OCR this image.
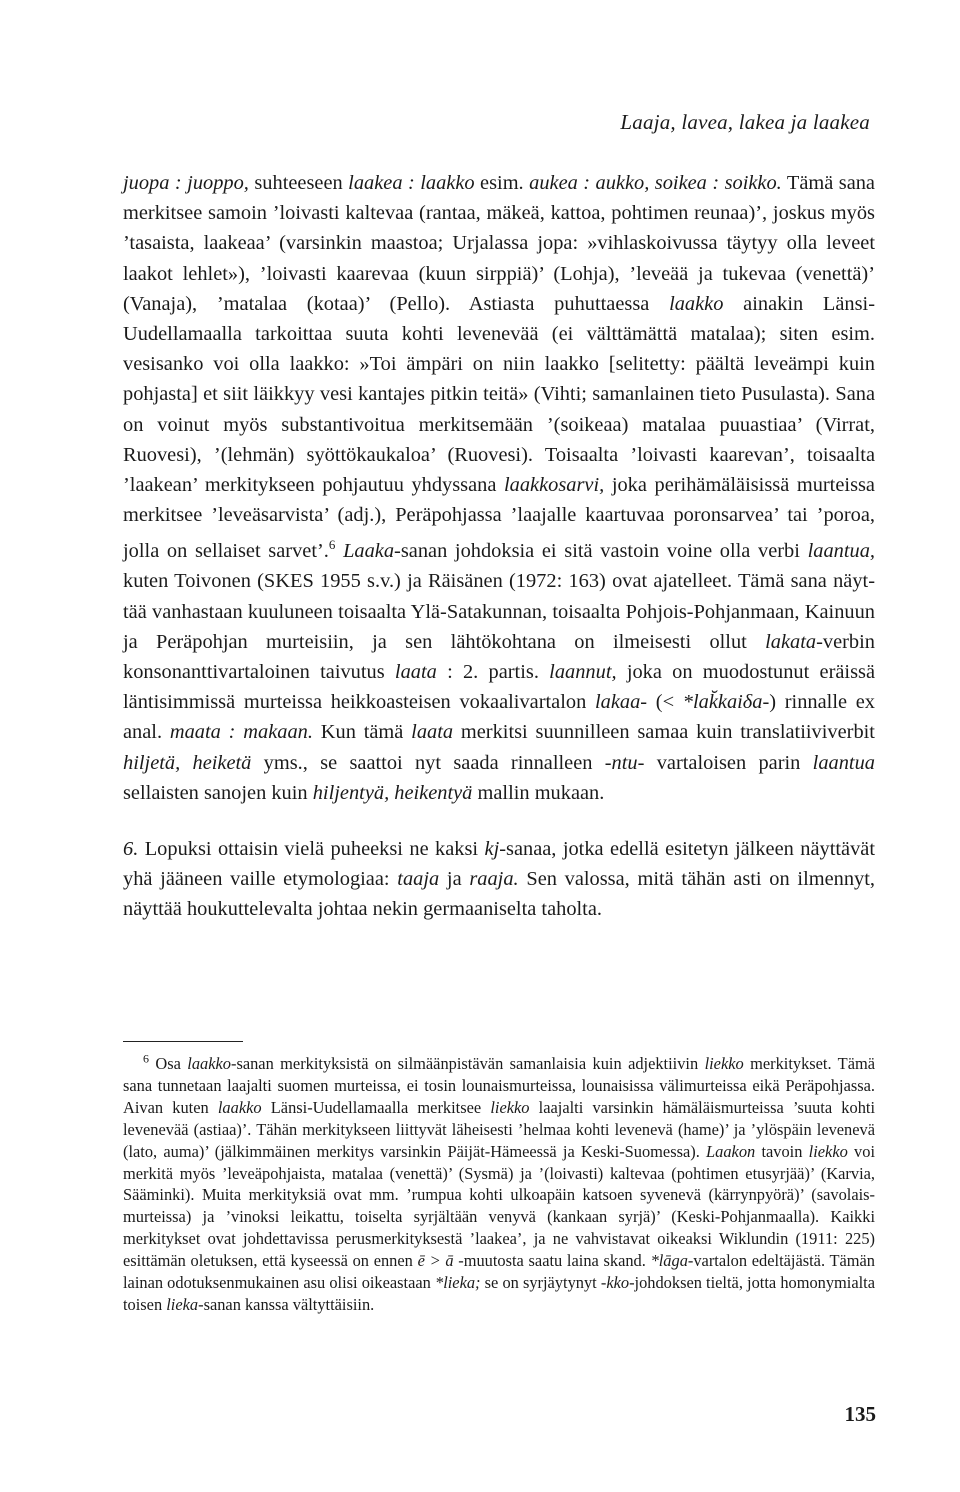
Laaja, lavea, lakea ja laakea

juopa : juoppo, suhteeseen laakea : laakko esim. aukea : aukko, soikea : soikko. Tämä sana merkitsee samoin ’loivasti kaltevaa (rantaa, mäkeä, kattoa, pohtimen reunaa)’, joskus myös ’tasaista, laakeaa’ (varsinkin maastoa; Urjalassa jopa: »vihlaskoivussa täytyy olla leveet laakot lehlet»), ’loivasti kaarevaa (kuun sirppiä)’ (Lohja), ’leveää ja tukevaa (venettä)’ (Vanaja), ’matalaa (kotaa)’ (Pello). Astiasta puhuttaessa laakko ainakin Länsi-Uudellamaalla tarkoittaa suuta kohti levenevää (ei välttämättä matalaa); siten esim. vesisanko voi olla laakko: »Toi ämpäri on niin laakko [selitetty: päältä leveämpi kuin pohjasta] et siit läikkyy vesi kantajes pitkin teitä» (Vihti; samanlainen tieto Pusulasta). Sana on voinut myös substantivoitua merkitsemään ’(soikeaa) matalaa puuastiaa’ (Virrat, Ruovesi), ’(lehmän) syöttökaukaloa’ (Ruovesi). Toisaalta ’loivasti kaarevan’, toisaalta ’laakean’ merkitykseen pohjautuu yhdyssana laakkosarvi, joka perihämäläisissä murteissa merkitsee ’leveäsarvista’ (adj.), Peräpohjassa ’laajalle kaartuvaa poronsarvea’ tai ’poroa, jolla on sellaiset sarvet’.$^6$ Laaka-sanan johdoksia ei sitä vastoin voine olla verbi laantua, kuten Toivonen (SKES 1955 s.v.) ja Räisänen (1972: 163) ovat ajatelleet. Tämä sana näyttää vanhastaan kuuluneen toisaalta Ylä-Satakunnan, toisaalta Pohjois-Pohjanmaan, Kainuun ja Peräpohjan murteisiin, ja sen lähtökohtana on ilmeisesti ollut lakata-verbin konsonanttivartaloinen taivutus laata : 2. partis. laannut, joka on muodostunut eräissä läntisimmissä murteissa heikkoasteisen vokaalivartalon lakaa- (< *lak̆kaiδa-) rinnalle ex anal. maata : makaan. Kun tämä laata merkitsi suunnilleen samaa kuin translatiiviverbit hiljetä, heiketä yms., se saattoi nyt saada rinnalleen -ntu- vartaloisen parin laantua sellaisten sanojen kuin hiljentyä, heikentyä mallin mukaan.

6. Lopuksi ottaisin vielä puheeksi ne kaksi kj-sanaa, jotka edellä esitetyn jälkeen näyttävät yhä jääneen vaille etymologiaa: taaja ja raaja. Sen valossa, mitä tähän asti on ilmennyt, näyttää houkuttelevalta johtaa nekin germaaniselta taholta.

$^6$ Osa laakko-sanan merkityksistä on silmäänpistävän samanlaisia kuin adjektiivin liekko merkitykset. Tämä sana tunnetaan laajalti suomen murteissa, ei tosin lounaismurteissa, lounaisissa välimurteissa eikä Peräpohjassa. Aivan kuten laakko Länsi-Uudellamaalla merkitsee liekko laajalti varsinkin hämäläismurteissa ’suuta kohti levenevää (astiaa)’. Tähän merkitykseen liittyvät läheisesti ’helmaa kohti levenevä (hame)’ ja ’ylöspäin levenevä (lato, auma)’ (jälkimmäinen merkitys varsinkin Päijät-Hämeessä ja Keski-Suomessa). Laakon tavoin liekko voi merkitä myös ’leveäpohjaista, matalaa (venettä)’ (Sysmä) ja ’(loivasti) kaltevaa (pohtimen etusyrjää)’ (Karvia, Sääminki). Muita merkityksiä ovat mm. ’rumpua kohti ulkoapäin katsoen syvenevä (kärrynpyörä)’ (savolaismurteissa) ja ’vinoksi leikattu, toiselta syrjältään venyvä (kankaan syrjä)’ (Keski-Pohjanmaalla). Kaikki merkitykset ovat johdettavissa perusmerkityksestä ’laakea’, ja ne vahvistavat oikeaksi Wiklundin (1911: 225) esittämän oletuksen, että kyseessä on ennen ē > ā -muutosta saatu laina skand. *lāga-vartalon edeltäjästä. Tämän lainan odotuksenmukainen asu olisi oikeastaan *lieka; se on syrjäytynyt -kko-johdoksen tieltä, jotta homonymialta toisen lieka-sanan kanssa vältyttäisiin.

135
